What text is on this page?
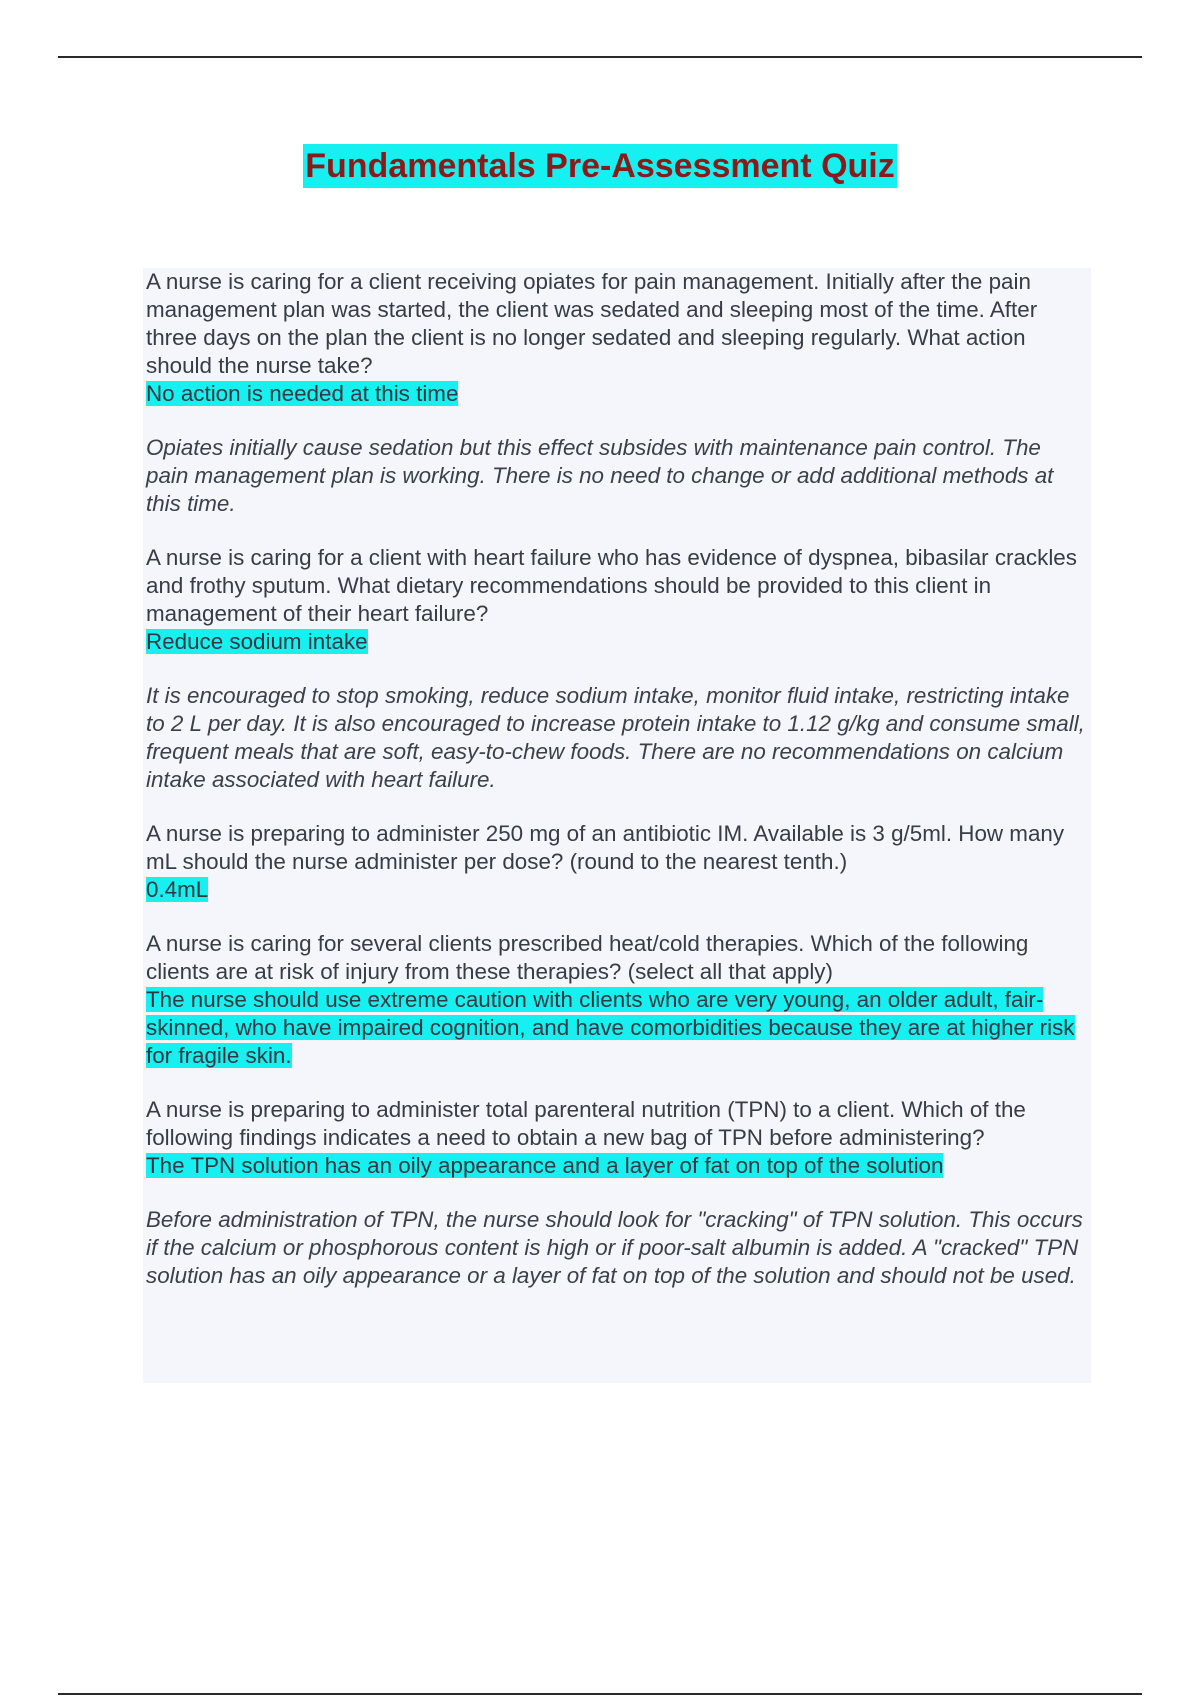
Fundamentals Pre-Assessment Quiz

A nurse is caring for a client receiving opiates for pain management. Initially after the pain management plan was started, the client was sedated and sleeping most of the time. After three days on the plan the client is no longer sedated and sleeping regularly. What action should the nurse take?

No action is needed at this time

Opiates initially cause sedation but this effect subsides with maintenance pain control. The pain management plan is working. There is no need to change or add additional methods at this time.

A nurse is caring for a client with heart failure who has evidence of dyspnea, bibasilar crackles and frothy sputum. What dietary recommendations should be provided to this client in management of their heart failure?

Reduce sodium intake

It is encouraged to stop smoking, reduce sodium intake, monitor fluid intake, restricting intake to 2 L per day. It is also encouraged to increase protein intake to 1.12 g/kg and consume small, frequent meals that are soft, easy-to-chew foods. There are no recommendations on calcium intake associated with heart failure.

A nurse is preparing to administer 250 mg of an antibiotic IM. Available is 3 g/5ml. How many mL should the nurse administer per dose? (round to the nearest tenth.)

0.4mL

A nurse is caring for several clients prescribed heat/cold therapies. Which of the following clients are at risk of injury from these therapies? (select all that apply)

The nurse should use extreme caution with clients who are very young, an older adult, fair-skinned, who have impaired cognition, and have comorbidities because they are at higher risk for fragile skin.

A nurse is preparing to administer total parenteral nutrition (TPN) to a client. Which of the following findings indicates a need to obtain a new bag of TPN before administering?

The TPN solution has an oily appearance and a layer of fat on top of the solution

Before administration of TPN, the nurse should look for "cracking" of TPN solution. This occurs if the calcium or phosphorous content is high or if poor-salt albumin is added. A "cracked" TPN solution has an oily appearance or a layer of fat on top of the solution and should not be used.
